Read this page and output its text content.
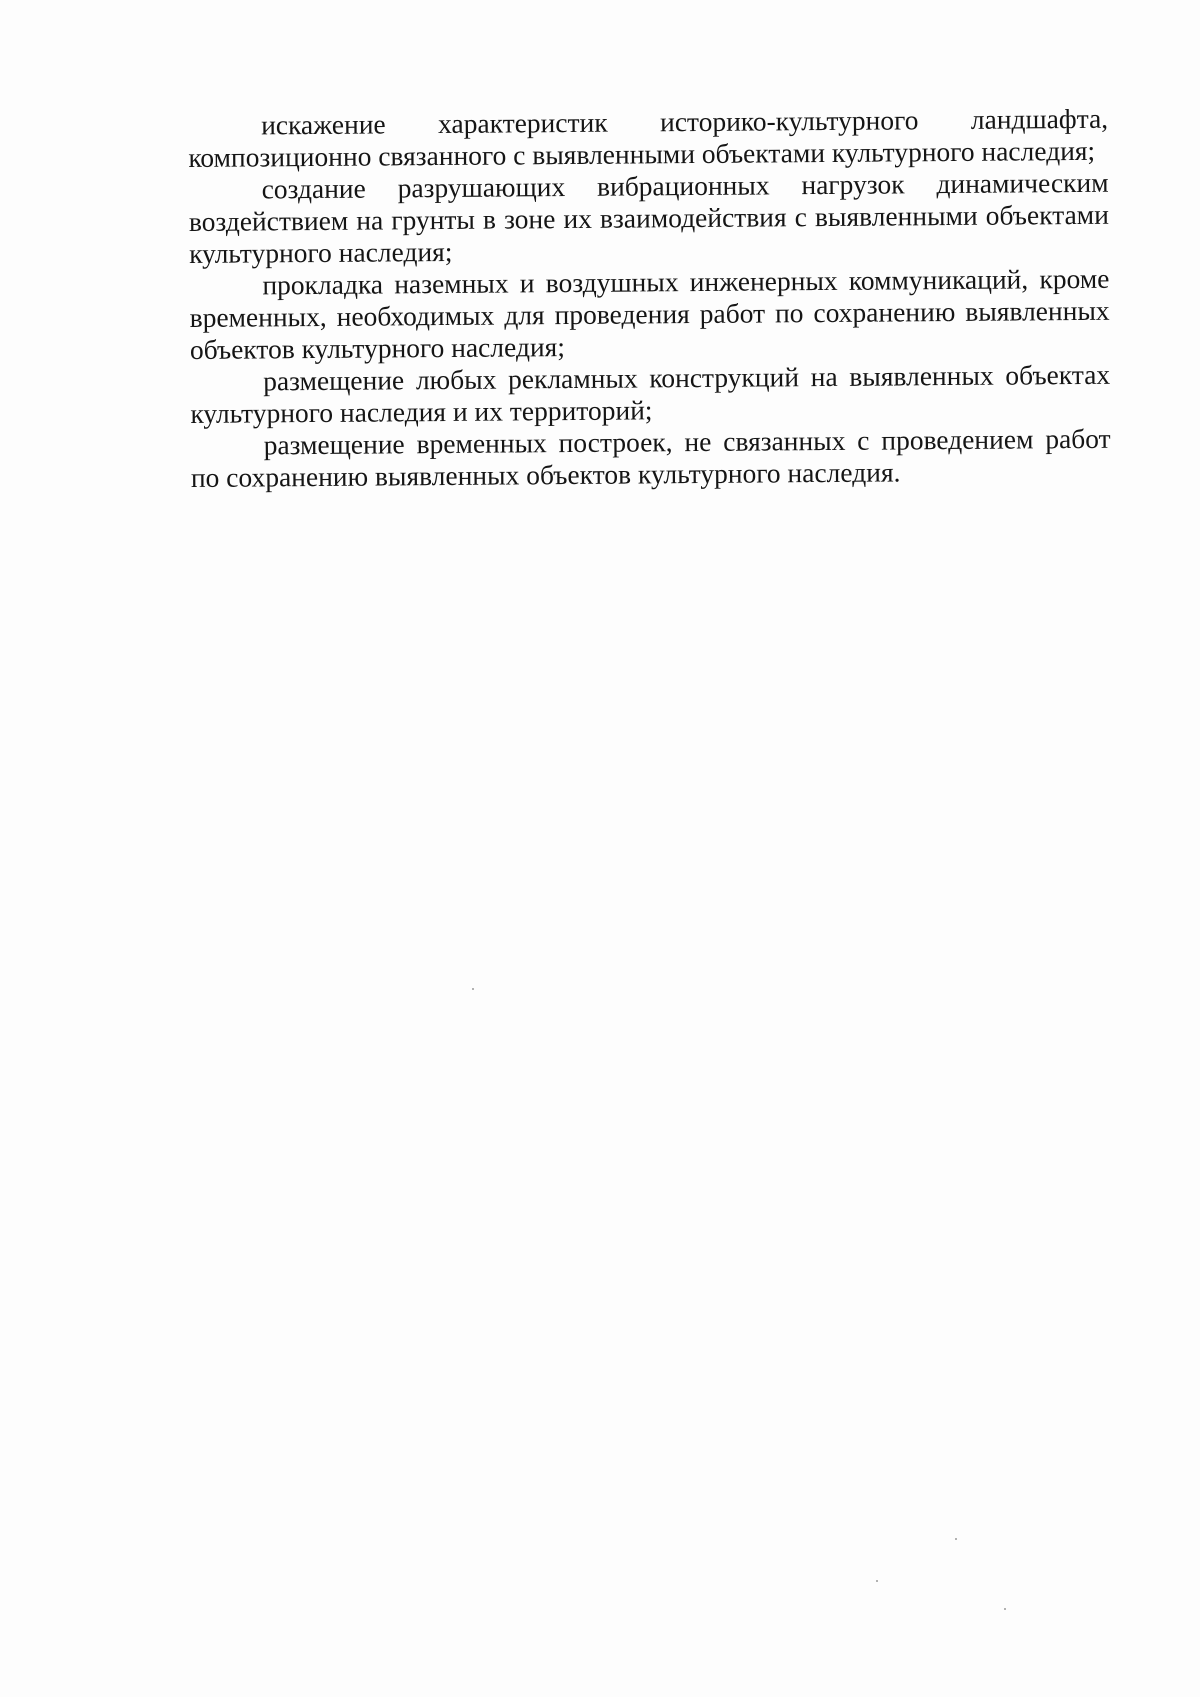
искажение характеристик историко-культурного ландшафта, композиционно связанного с выявленными объектами культурного наследия;

создание разрушающих вибрационных нагрузок динамическим воздействием на грунты в зоне их взаимодействия с выявленными объектами культурного наследия;

прокладка наземных и воздушных инженерных коммуникаций, кроме временных, необходимых для проведения работ по сохранению выявленных объектов культурного наследия;

размещение любых рекламных конструкций на выявленных объектах культурного наследия и их территорий;

размещение временных построек, не связанных с проведением работ по сохранению выявленных объектов культурного наследия.
